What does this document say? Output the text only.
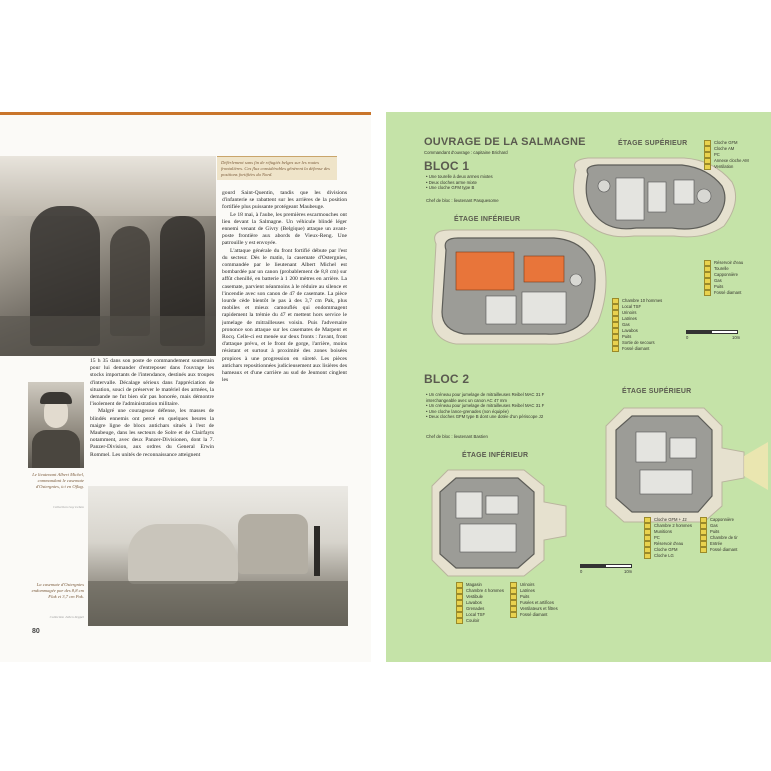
Défèrlement sans fin de réfugiés belges sur les routes frontalières. Ces flux considérables gênèrent la défense des positions fortifiées du Nord.

gourd Saint-Quentin, tandis que les divisions d'infanterie se rabattent sur les arrières de la position fortifiée plus puissante protégeant Maubeuge.

Le 18 mai, à l'aube, les premières escarmouches ont lieu devant la Salmagne. Un véhicule blindé léger ennemi venant de Givry (Belgique) attaque un avant-poste frontière aux abords de Vieux-Reng. Une patrouille y est envoyée.

L'attaque générale du front fortifié débute par l'est du secteur. Dès le matin, la casemate d'Ostergnies, commandée par le lieutenant Albert Michel est bombardée par un canon (probablement de 8,8 cm) sur affût chenillé, en batterie à 1 200 mètres en arrière. La casemate, parvient néanmoins à le réduire au silence et l'incendie avec son canon de 47 de casemate. La pièce lourde cède bientôt le pas à des 3,7 cm Pak, plus mobiles et mieux camouflés qui endommagent rapidement la trémie du 47 et mettent hors service le jumelage de mitrailleuses voisin. Puis l'adversaire prononce son attaque sur les casemates de Marpent et Rocq. Celle-ci est menée sur deux fronts : l'avant, front d'attaque prévu, et le front de gorge, l'arrière, moins résistant et surtout à proximité des zones boisées propices à une progression en sûreté. Les pièces antichars repositionnées judicieusement aux lisières des hameaux et d'une carrière au sud de Jeumont cinglent les

15 h 35 dans son poste de commandement souterrain pour lui demander d'entreposer dans l'ouvrage les stocks importants de l'intendance, destinés aux troupes d'intervalle. Décalage sérieux dans l'appréciation de situation, souci de préserver le matériel des armées, la demande ne fut bien sûr pas honorée, mais démontre l'isolement de l'administration militaire.

Malgré une courageuse défense, les masses de blindés ennemis ont percé en quelques heures la maigre ligne de blocs antichars situés à l'est de Maubeuge, dans les secteurs de Solre et de Clairfayts notamment, avec deux Panzer-Divisionen, dont la 7. Panzer-Division, aux ordres du General Erwin Rommel. Les unités de reconnaissance atteignent

Le lieutenant Albert Michel, commandant le casemate d'Ostergnies, ici en Oflag.
Collection Guy Lebon
La casemate d'Ostergnies endommagée par des 8,8 cm Flak et 3,7 cm Pak.
Collection Julien Zeppel
80
OUVRAGE DE LA SALMAGNE
Commandant d'ouvrage : capitaine Brichard
BLOC 1
• Une tourelle à deux armes mixtes
• Deux cloches arme mixte
• Une cloche GFM type B
Chef de bloc : lieutenant Pasquesome
ÉTAGE SUPÉRIEUR
ÉTAGE INFÉRIEUR
Cloche GFM
Cloche AM
PC
Annexe cloche AM
Ventilation
Réservoir d'eau
Tourelle
Capponnière
Gas
Puits
Fossé diamant
Chambre 10 hommes
Local TSF
Urinoirs
Latrines
Gas
Lavabos
Puits
Sortie de secours
Fossé diamant
0	10m
BLOC 2
• Un créneau pour jumelage de mitrailleuses Reibel MAC 31 F interchangeable avec un canon AC 47 mm
• Un créneau pour jumelage de mitrailleuses Reibel MAC 31 F
• Une cloche lance-grenades (non équipée)
• Deux cloches GFM type B dont une dotée d'un périscope J2
Chef de bloc : lieutenant Bastien
ÉTAGE SUPÉRIEUR
ÉTAGE INFÉRIEUR
Cloche GFM + J2
Chambre 2 hommes
Munitions
PC
Réservoir d'eau
Cloche GFM
Cloche LG
Capponnière
Gas
Puits
Chambre de tir
Entrée
Fossé diamant
0	10m
Magasin
Chambre 4 hommes
Vestibule
Lavabos
Grenades
Local TSF
Couloir
Urinoirs
Latrines
Puits
Fusées et artifices
Ventilateurs et filtres
Fossé diamant
